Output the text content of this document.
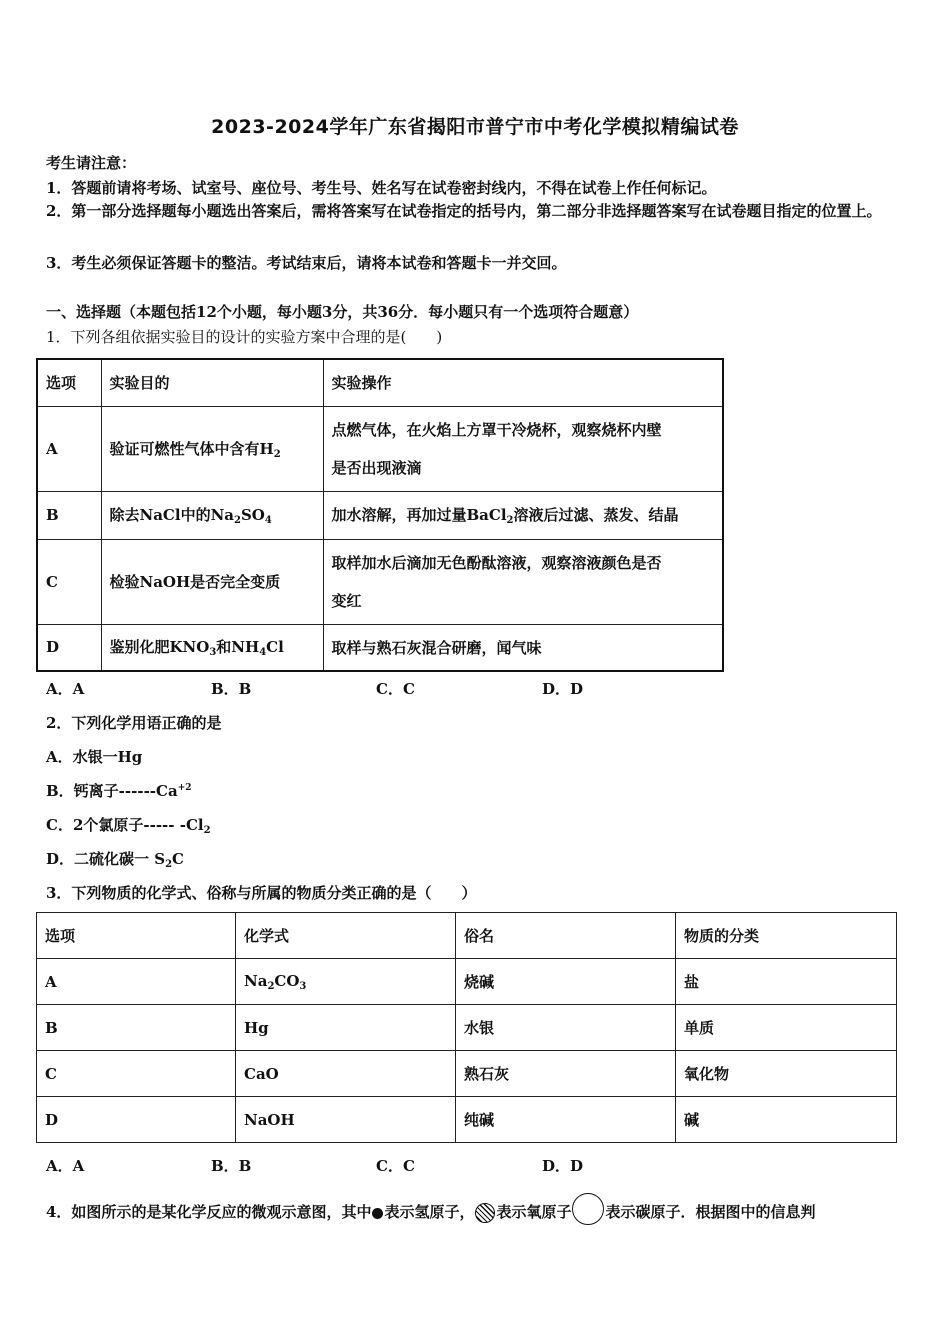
2023-2024学年广东省揭阳市普宁市中考化学模拟精编试卷
考生请注意：
1．答题前请将考场、试室号、座位号、考生号、姓名写在试卷密封线内，不得在试卷上作任何标记。
2．第一部分选择题每小题选出答案后，需将答案写在试卷指定的括号内，第二部分非选择题答案写在试卷题目指定的位置上。
3．考生必须保证答题卡的整洁。考试结束后，请将本试卷和答题卡一并交回。
一、选择题（本题包括12个小题，每小题3分，共36分．每小题只有一个选项符合题意）
1．下列各组依据实验目的设计的实验方案中合理的是(　　)
选项	实验目的	实验操作
A	验证可燃性气体中含有$H_2$	点燃气体，在火焰上方罩干冷烧杯，观察烧杯内壁
是否出现液滴

B	除去NaCl中的$Na_2SO_4$	加水溶解，再加过量BaCl$_2$溶液后过滤、蒸发、结晶
C	检验NaOH是否完全变质	取样加水后滴加无色酚酞溶液，观察溶液颜色是否
变红

D	鉴别化肥$KNO_3$和$NH_4Cl$	取样与熟石灰混合研磨，闻气味
A．A	B．B	C．C	D．D
2．下列化学用语正确的是
A．水银一Hg
B．钙离子$------Ca^{+2}$
C．2个氯原子----- $-Cl_2$
D．二硫化碳一 $S_2C$
3．下列物质的化学式、俗称与所属的物质分类正确的是（　　）
选项	化学式	俗名	物质的分类
A	$Na_2CO_3$	烧碱	盐
B	Hg	水银	单质
C	CaO	熟石灰	氧化物
D	NaOH	纯碱	碱
A．A	B．B	C．C	D．D
4．如图所示的是某化学反应的微观示意图，其中 表示氢原子， 表示氧原子 表示碳原子．根据图中的信息判
